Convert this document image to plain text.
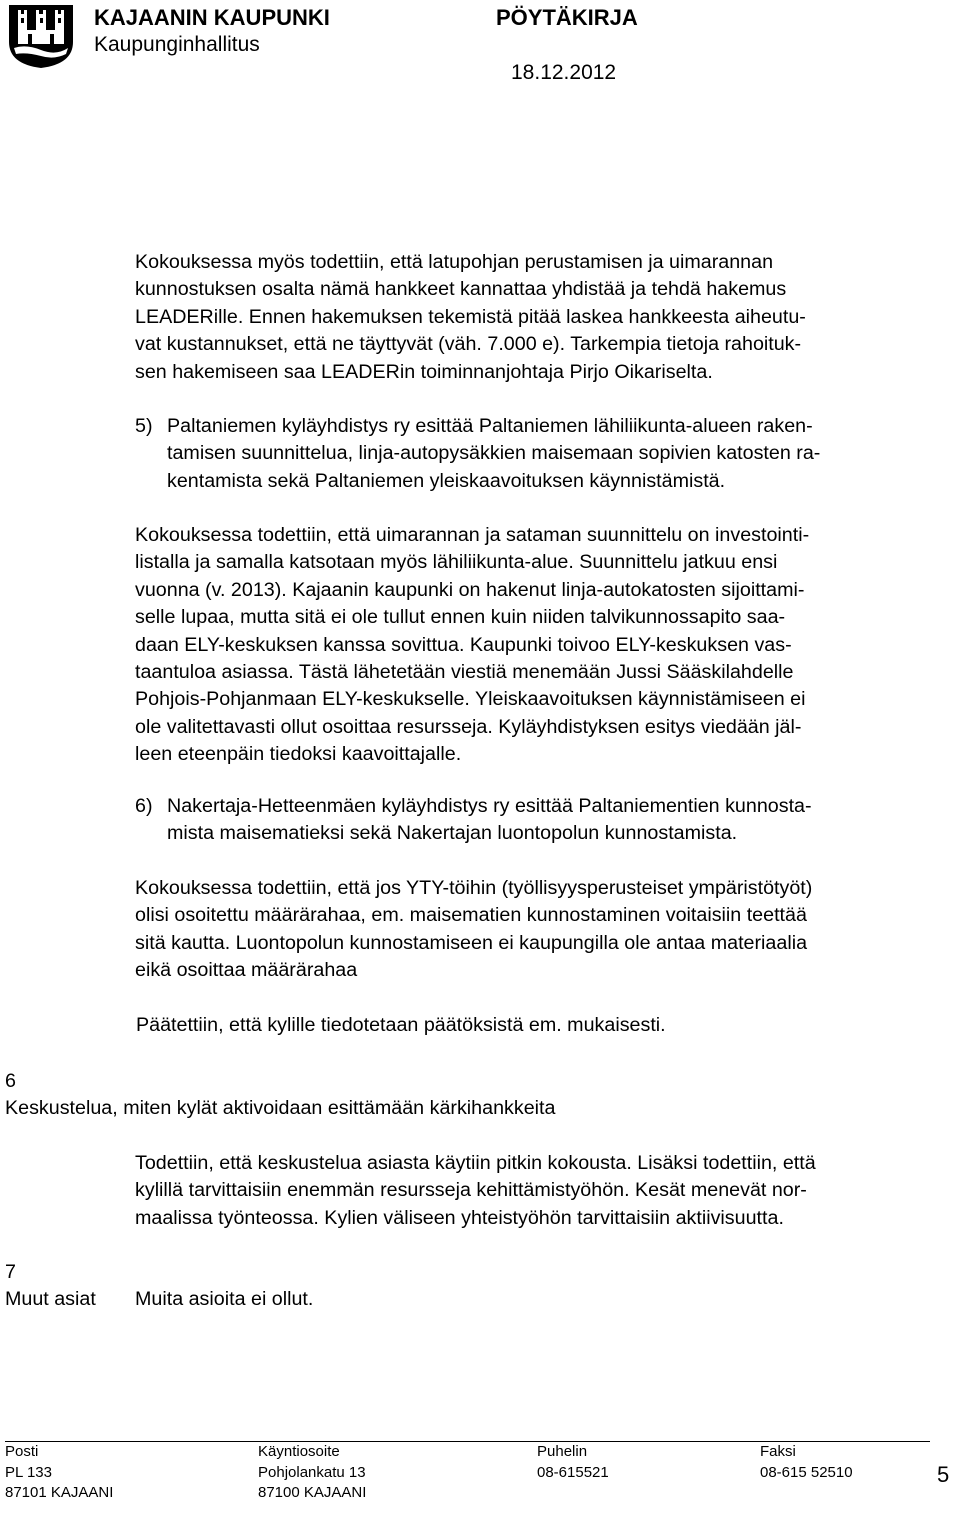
KAJAANIN KAUPUNKI
Kaupunginhallitus
PÖYTÄKIRJA
18.12.2012
Kokouksessa myös todettiin, että latupohjan perustamisen ja uimarannan
kunnostuksen osalta nämä hankkeet kannattaa yhdistää ja tehdä hakemus
LEADERille. Ennen hakemuksen tekemistä pitää laskea hankkeesta aiheutu-
vat kustannukset, että ne täyttyvät (väh. 7.000 e). Tarkempia tietoja rahoituk-
sen hakemiseen saa LEADERin toiminnanjohtaja Pirjo Oikariselta.
5) Paltaniemen kyläyhdistys ry esittää Paltaniemen lähiliikunta-alueen raken-
tamisen suunnittelua, linja-autopysäkkien maisemaan sopivien katosten ra-
kentamista sekä Paltaniemen yleiskaavoituksen käynnistämistä.
Kokouksessa todettiin, että uimarannan ja sataman suunnittelu on investointi-
listalla ja samalla katsotaan myös lähiliikunta-alue. Suunnittelu jatkuu ensi
vuonna (v. 2013). Kajaanin kaupunki on hakenut linja-autokatosten sijoittami-
selle lupaa, mutta sitä ei ole tullut ennen kuin niiden talvikunnossapito saa-
daan ELY-keskuksen kanssa sovittua. Kaupunki toivoo ELY-keskuksen vas-
taantuloa asiassa. Tästä lähetetään viestiä menemään Jussi Sääskilahdelle
Pohjois-Pohjanmaan ELY-keskukselle. Yleiskaavoituksen käynnistämiseen ei
ole valitettavasti ollut osoittaa resursseja. Kyläyhdistyksen esitys viedään jäl-
leen eteenpäin tiedoksi kaavoittajalle.
6) Nakertaja-Hetteenmäen kyläyhdistys ry esittää Paltaniementien kunnosta-
mista maisematieksi sekä Nakertajan luontopolun kunnostamista.
Kokouksessa todettiin, että jos YTY-töihin (työllisyysperusteiset ympäristötyöt)
olisi osoitettu määrärahaa, em. maisematien kunnostaminen voitaisiin teettää
sitä kautta. Luontopolun kunnostamiseen ei kaupungilla ole antaa materiaalia
eikä osoittaa määrärahaa
Päätettiin, että kylille tiedotetaan päätöksistä em. mukaisesti.
6
Keskustelua, miten kylät aktivoidaan esittämään kärkihankkeita
Todettiin, että keskustelua asiasta käytiin pitkin kokousta. Lisäksi todettiin, että
kylillä tarvittaisiin enemmän resursseja kehittämistyöhön. Kesät menevät nor-
maalissa työnteossa. Kylien väliseen yhteistyöhön tarvittaisiin aktiivisuutta.
7
Muut asiat Muita asioita ei ollut.
Posti
PL 133
87101 KAJAANI
Käyntiosoite
Pohjolankatu 13
87100 KAJAANI
Puhelin
08-615521
Faksi
08-615 52510	5
